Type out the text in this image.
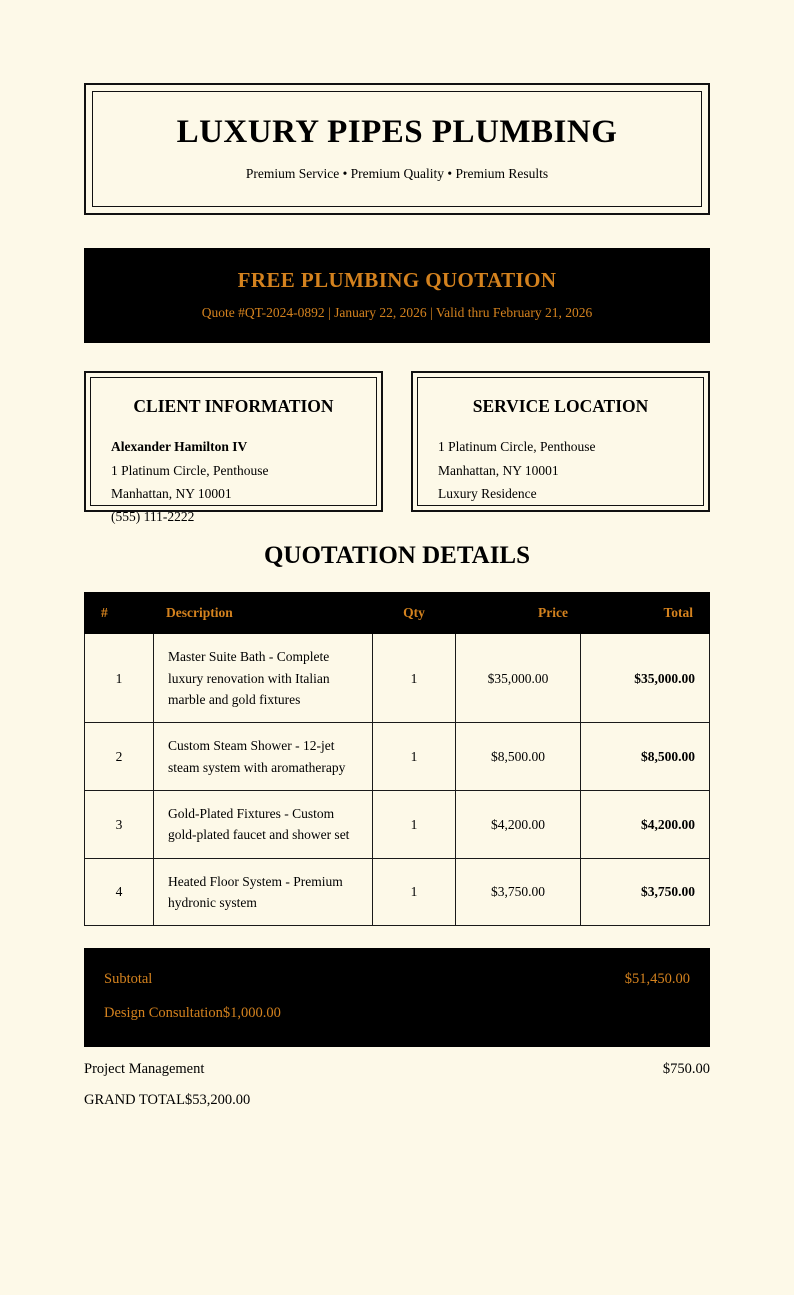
LUXURY PIPES PLUMBING
Premium Service • Premium Quality • Premium Results
FREE PLUMBING QUOTATION
Quote #QT-2024-0892 | January 22, 2026 | Valid thru February 21, 2026
CLIENT INFORMATION
Alexander Hamilton IV
1 Platinum Circle, Penthouse
Manhattan, NY 10001
(555) 111-2222
SERVICE LOCATION
1 Platinum Circle, Penthouse
Manhattan, NY 10001
Luxury Residence
QUOTATION DETAILS
#	Description	Qty	Price	Total
1	Master Suite Bath - Complete luxury renovation with Italian marble and gold fixtures	1	$35,000.00	$35,000.00
2	Custom Steam Shower - 12-jet steam system with aromatherapy	1	$8,500.00	$8,500.00
3	Gold-Plated Fixtures - Custom gold-plated faucet and shower set	1	$4,200.00	$4,200.00
4	Heated Floor System - Premium hydronic system	1	$3,750.00	$3,750.00
Subtotal	$51,450.00
Design Consultation$1,000.00
Project Management	$750.00
GRAND TOTAL$53,200.00
